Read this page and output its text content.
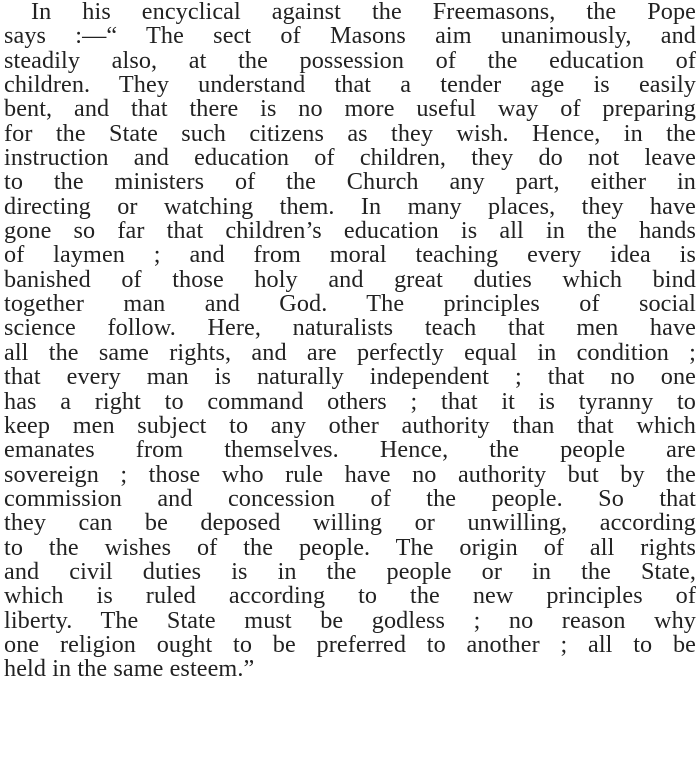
In his encyclical against the Freemasons, the Pope
says :—“ The sect of Masons aim unanimously, and
steadily also, at the possession of the education of
children. They understand that a tender age is easily
bent, and that there is no more useful way of preparing
for the State such citizens as they wish. Hence, in the
instruction and education of children, they do not leave
to the ministers of the Church any part, either in
directing or watching them. In many places, they have
gone so far that children’s education is all in the hands
of laymen ; and from moral teaching every idea is
banished of those holy and great duties which bind
together man and God. The principles of social
science follow. Here, naturalists teach that men have
all the same rights, and are perfectly equal in condition ;
that every man is naturally independent ; that no one
has a right to command others ; that it is tyranny to
keep men subject to any other authority than that which
emanates from themselves. Hence, the people are
sovereign ; those who rule have no authority but by the
commission and concession of the people. So that
they can be deposed willing or unwilling, according
to the wishes of the people. The origin of all rights
and civil duties is in the people or in the State,
which is ruled according to the new principles of
liberty. The State must be godless ; no reason why
one religion ought to be preferred to another ; all to be
held in the same esteem.”
